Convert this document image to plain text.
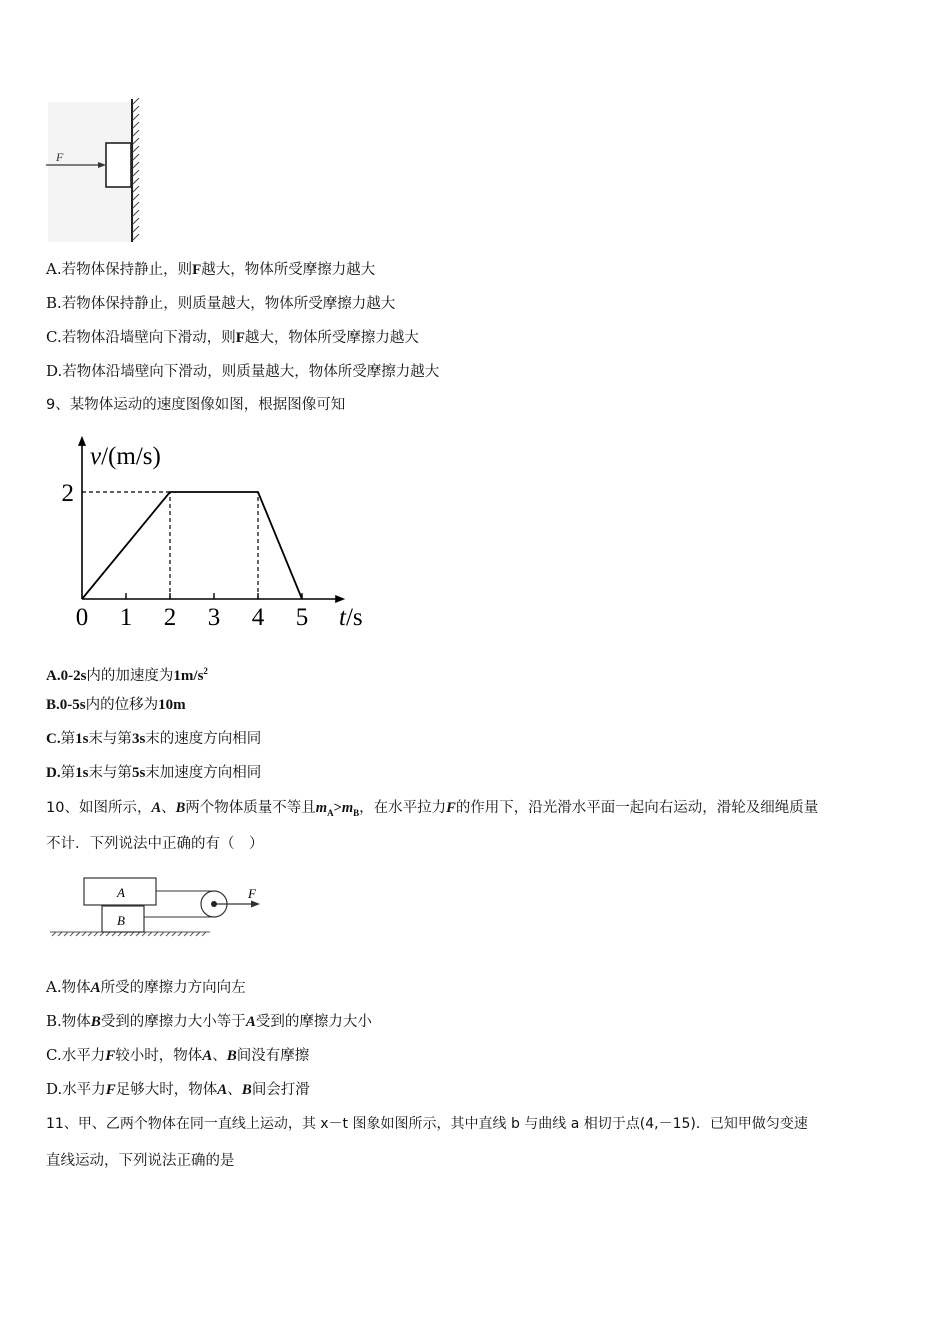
F
A.若物体保持静止，则F越大，物体所受摩擦力越大
B.若物体保持静止，则质量越大，物体所受摩擦力越大
C.若物体沿墙壁向下滑动，则F越大，物体所受摩擦力越大
D.若物体沿墙壁向下滑动，则质量越大，物体所受摩擦力越大
9、某物体运动的速度图像如图，根据图像可知
0 1 2 3 4 5
2
v/(m/s)
t/s
A.0-2s内的加速度为$1m/s^2$
B.0-5s内的位移为10m
C.第1s末与第3s末的速度方向相同
D.第1s末与第5s末加速度方向相同
10、如图所示，A、B两个物体质量不等且$m_A>m_B$，在水平拉力F的作用下，沿光滑水平面一起向右运动，滑轮及细绳质量
不计．下列说法中正确的有（　）
A
B
F
A.物体A所受的摩擦力方向向左
B.物体B受到的摩擦力大小等于A受到的摩擦力大小
C.水平力F较小时，物体A、B间没有摩擦
D.水平力F足够大时，物体A、B间会打滑
11、甲、乙两个物体在同一直线上运动，其 x－t 图象如图所示，其中直线 b 与曲线 a 相切于点(4,－15)．已知甲做匀变速
直线运动，下列说法正确的是
